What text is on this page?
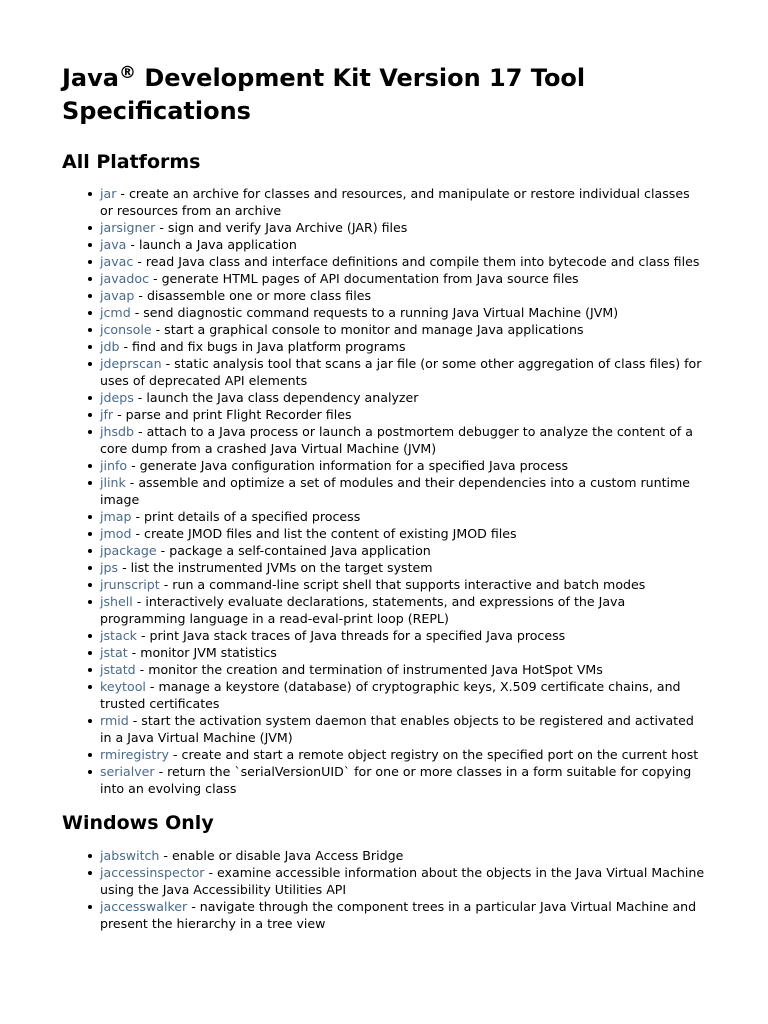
Java® Development Kit Version 17 Tool Specifications
All Platforms
jar - create an archive for classes and resources, and manipulate or restore individual classes or resources from an archive
jarsigner - sign and verify Java Archive (JAR) files
java - launch a Java application
javac - read Java class and interface definitions and compile them into bytecode and class files
javadoc - generate HTML pages of API documentation from Java source files
javap - disassemble one or more class files
jcmd - send diagnostic command requests to a running Java Virtual Machine (JVM)
jconsole - start a graphical console to monitor and manage Java applications
jdb - find and fix bugs in Java platform programs
jdeprscan - static analysis tool that scans a jar file (or some other aggregation of class files) for uses of deprecated API elements
jdeps - launch the Java class dependency analyzer
jfr - parse and print Flight Recorder files
jhsdb - attach to a Java process or launch a postmortem debugger to analyze the content of a core dump from a crashed Java Virtual Machine (JVM)
jinfo - generate Java configuration information for a specified Java process
jlink - assemble and optimize a set of modules and their dependencies into a custom runtime image
jmap - print details of a specified process
jmod - create JMOD files and list the content of existing JMOD files
jpackage - package a self-contained Java application
jps - list the instrumented JVMs on the target system
jrunscript - run a command-line script shell that supports interactive and batch modes
jshell - interactively evaluate declarations, statements, and expressions of the Java programming language in a read-eval-print loop (REPL)
jstack - print Java stack traces of Java threads for a specified Java process
jstat - monitor JVM statistics
jstatd - monitor the creation and termination of instrumented Java HotSpot VMs
keytool - manage a keystore (database) of cryptographic keys, X.509 certificate chains, and trusted certificates
rmid - start the activation system daemon that enables objects to be registered and activated in a Java Virtual Machine (JVM)
rmiregistry - create and start a remote object registry on the specified port on the current host
serialver - return the `serialVersionUID` for one or more classes in a form suitable for copying into an evolving class
Windows Only
jabswitch - enable or disable Java Access Bridge
jaccessinspector - examine accessible information about the objects in the Java Virtual Machine using the Java Accessibility Utilities API
jaccesswalker - navigate through the component trees in a particular Java Virtual Machine and present the hierarchy in a tree view
